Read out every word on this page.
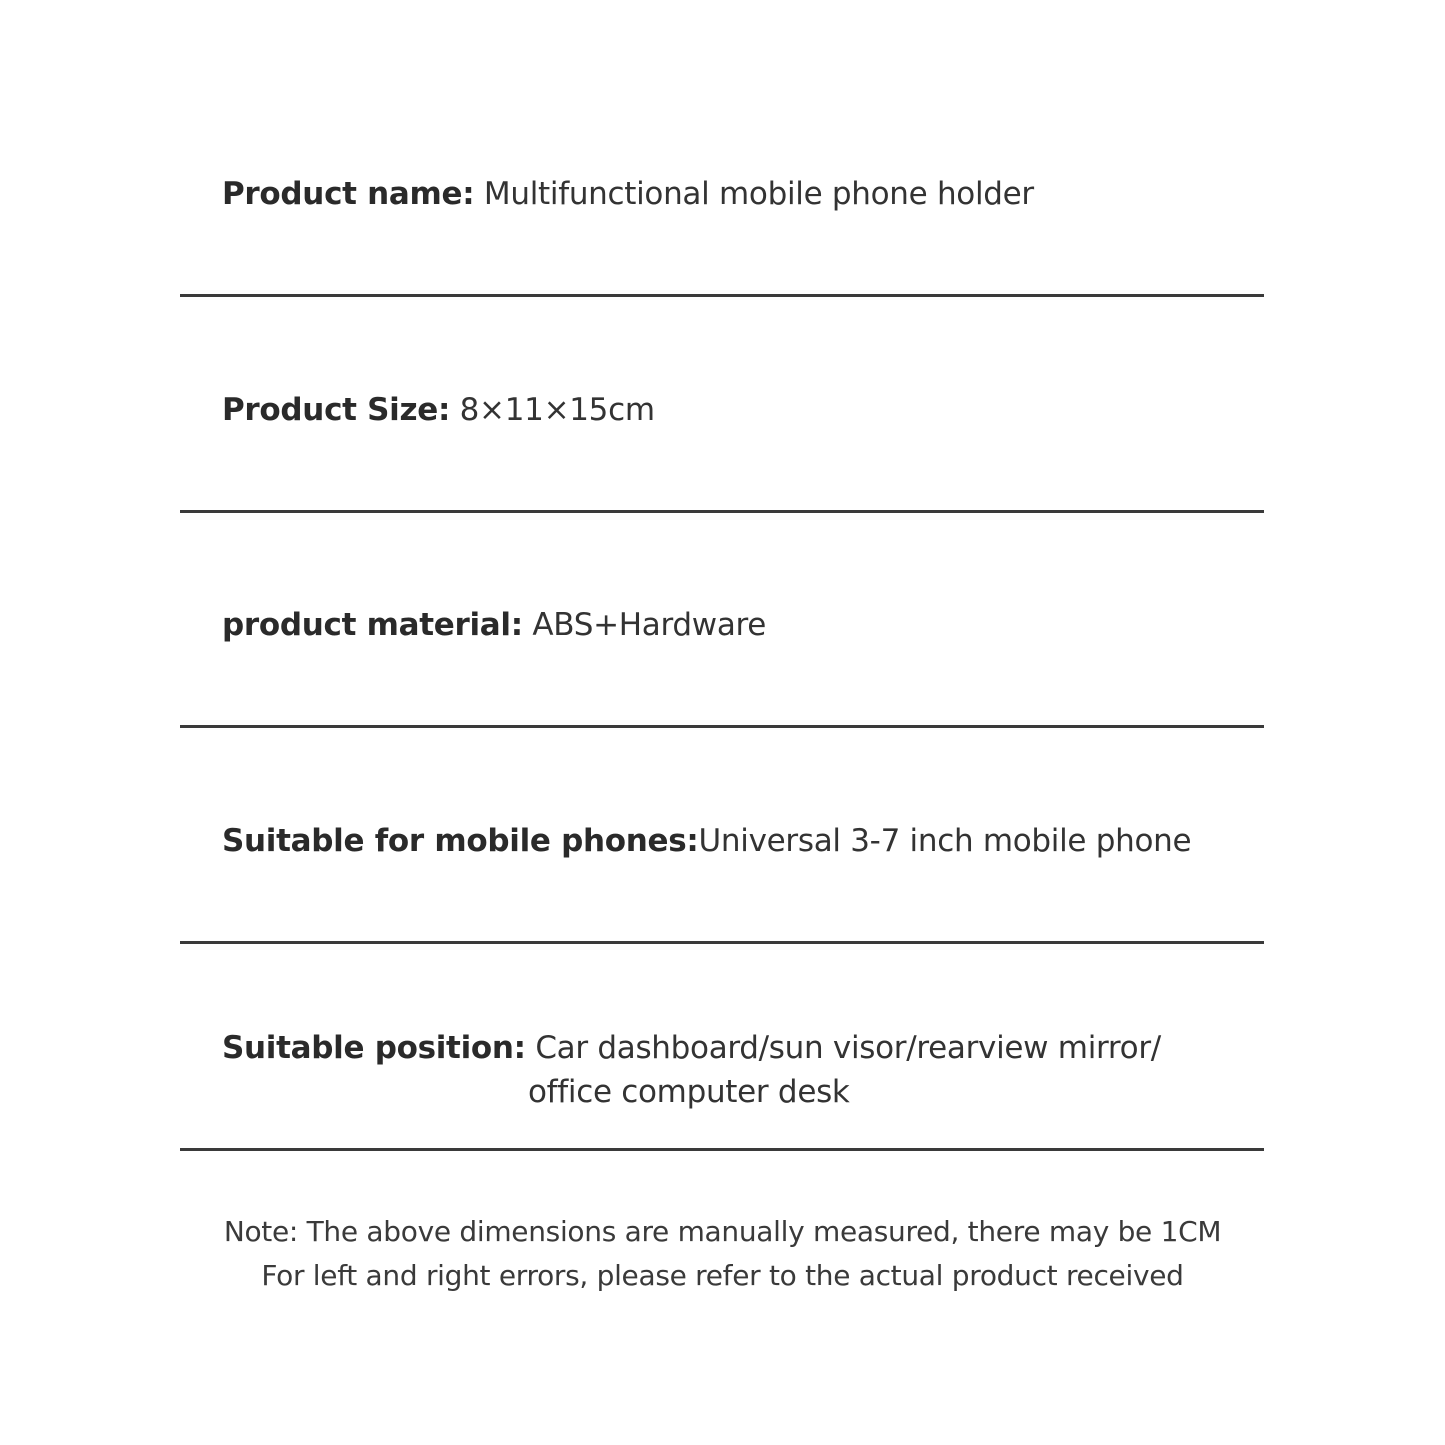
Product name: Multifunctional mobile phone holder
Product Size: 8×11×15cm
product material: ABS+Hardware
Suitable for mobile phones:Universal 3-7 inch mobile phone
Suitable position: Car dashboard/sun visor/rearview mirror/
office computer desk
Note: The above dimensions are manually measured, there may be 1CM
For left and right errors, please refer to the actual product received
